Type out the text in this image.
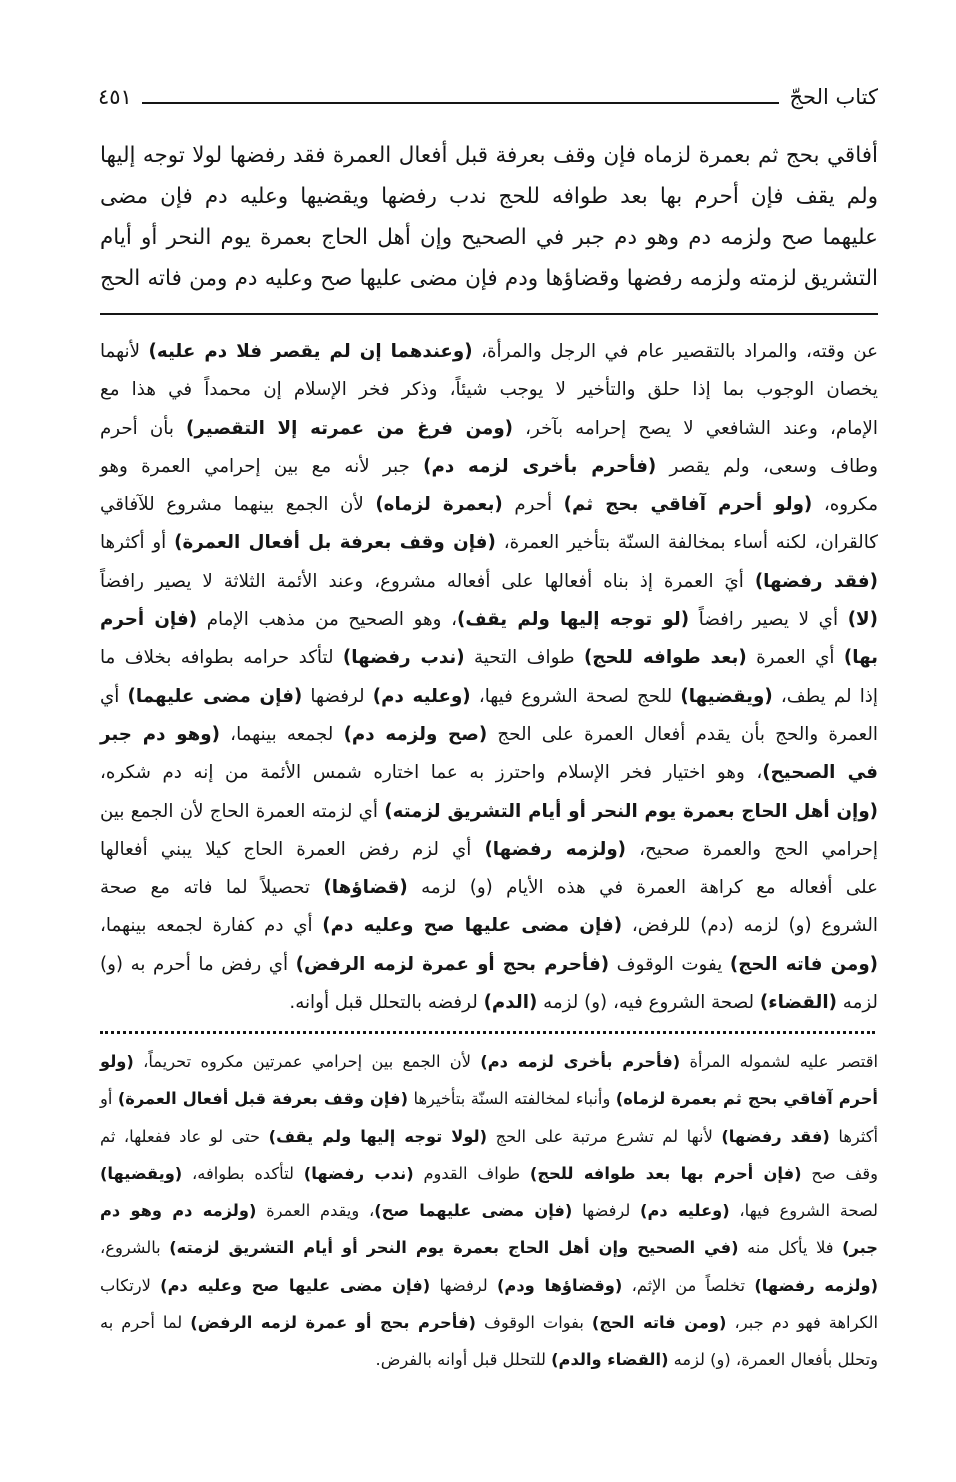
كتاب الحجّ
٤٥١
أفاقي بحج ثم بعمرة لزماه فإن وقف بعرفة قبل أفعال العمرة فقد رفضها لولا توجه إليها
ولم يقف فإن أحرم بها بعد طوافه للحج ندب رفضها ويقضيها وعليه دم فإن مضى
عليهما صح ولزمه دم وهو دم جبر في الصحيح وإن أهل الحاج بعمرة يوم النحر أو أيام
التشريق لزمته ولزمه رفضها وقضاؤها ودم فإن مضى عليها صح وعليه دم ومن فاته الحج
عن وقته، والمراد بالتقصير عام في الرجل والمرأة، (وعندهما إن لم يقصر فلا دم عليه) لأنهما
يخصان الوجوب بما إذا حلق والتأخير لا يوجب شيئاً، وذكر فخر الإسلام إن محمداً في هذا مع
الإمام، وعند الشافعي لا يصح إحرامه بآخر، (ومن فرغ من عمرته إلا التقصير) بأن أحرم
وطاف وسعى، ولم يقصر (فأحرم بأخرى لزمه دم) جبر لأنه مع بين إحرامي العمرة وهو
مكروه، (ولو أحرم آفاقي بحج ثم) أحرم (بعمرة لزماه) لأن الجمع بينهما مشروع للآفاقي
كالقران، لكنه أساء بمخالفة السنّة بتأخير العمرة، (فإن وقف بعرفة بل أفعال العمرة) أو أكثرها
(فقد رفضها) أيَ العمرة إذ بناه أفعالها على أفعاله مشروع، وعند الأئمة الثلاثة لا يصير رافضاً
(لا) أي لا يصير رافضاً (لو توجه إليها ولم يقف)، وهو الصحيح من مذهب الإمام (فإن أحرم
بها) أي العمرة (بعد طوافه للحج) طواف التحية (ندب رفضها) لتأكد حرامه بطوافه بخلاف ما
إذا لم يطف، (ويقضيها) للحج لصحة الشروع فيها، (وعليه دم) لرفضها (فإن مضى عليهما) أي
العمرة والحج بأن يقدم أفعال العمرة على الحج (صح ولزمه دم) لجمعه بينهما، (وهو دم جبر
في الصحيح)، وهو اختيار فخر الإسلام واحترز به عما اختاره شمس الأئمة من إنه دم شكره،
(وإن أهل الحاج بعمرة يوم النحر أو أيام التشريق لزمته) أي لزمته العمرة الحاج لأن الجمع بين
إحرامي الحج والعمرة صحيح، (ولزمه رفضها) أي لزم رفض العمرة الحاج كيلا يبني أفعالها
على أفعاله مع كراهة العمرة في هذه الأيام (و) لزمه (قضاؤها) تحصيلاً لما فاته مع صحة
الشروع (و) لزمه (دم) للرفض، (فإن مضى عليها صح وعليه دم) أي دم كفارة لجمعه بينهما،
(ومن فاته الحج) يفوت الوقوف (فأحرم بحج أو عمرة لزمه الرفض) أي رفض ما أحرم به (و)
لزمه (القضاء) لصحة الشروع فيه، (و) لزمه (الدم) لرفضه بالتحلل قبل أوانه.
اقتصر عليه لشموله المرأة (فأحرم بأخرى لزمه دم) لأن الجمع بين إحرامي عمرتين مكروه تحريماً، (ولو
أحرم آفاقي بحج ثم بعمرة لزماه) وأنباء لمخالفته السنّة بتأخيرها (فإن وقف بعرفة قبل أفعال العمرة) أو
أكثرها (فقد رفضها) لأنها لم تشرع مرتبة على الحج (لولا توجه إليها ولم يقف) حتى لو عاد ففعلها، ثم
وقف صح (فإن أحرم بها بعد طوافه للحج) طواف القدوم (ندب رفضها) لتأكده بطوافه، (ويقضيها)
لصحة الشروع فيها، (وعليه دم) لرفضها (فإن مضى عليهما صح)، ويقدم العمرة (ولزمه دم وهو دم
جبر) فلا يأكل منه (في الصحيح وإن أهل الحاج بعمرة يوم النحر أو أيام التشريق لزمته) بالشروع،
(ولزمه رفضها) تخلصاً من الإثم، (وقضاؤها ودم) لرفضها (فإن مضى عليها صح وعليه دم) لارتكاب
الكراهة فهو دم جبر، (ومن فاته الحج) بفوات الوقوف (فأحرم بحج أو عمرة لزمه الرفض) لما أحرم به
وتحلل بأفعال العمرة، (و) لزمه (القضاء والدم) للتحلل قبل أوانه بالفرض.
